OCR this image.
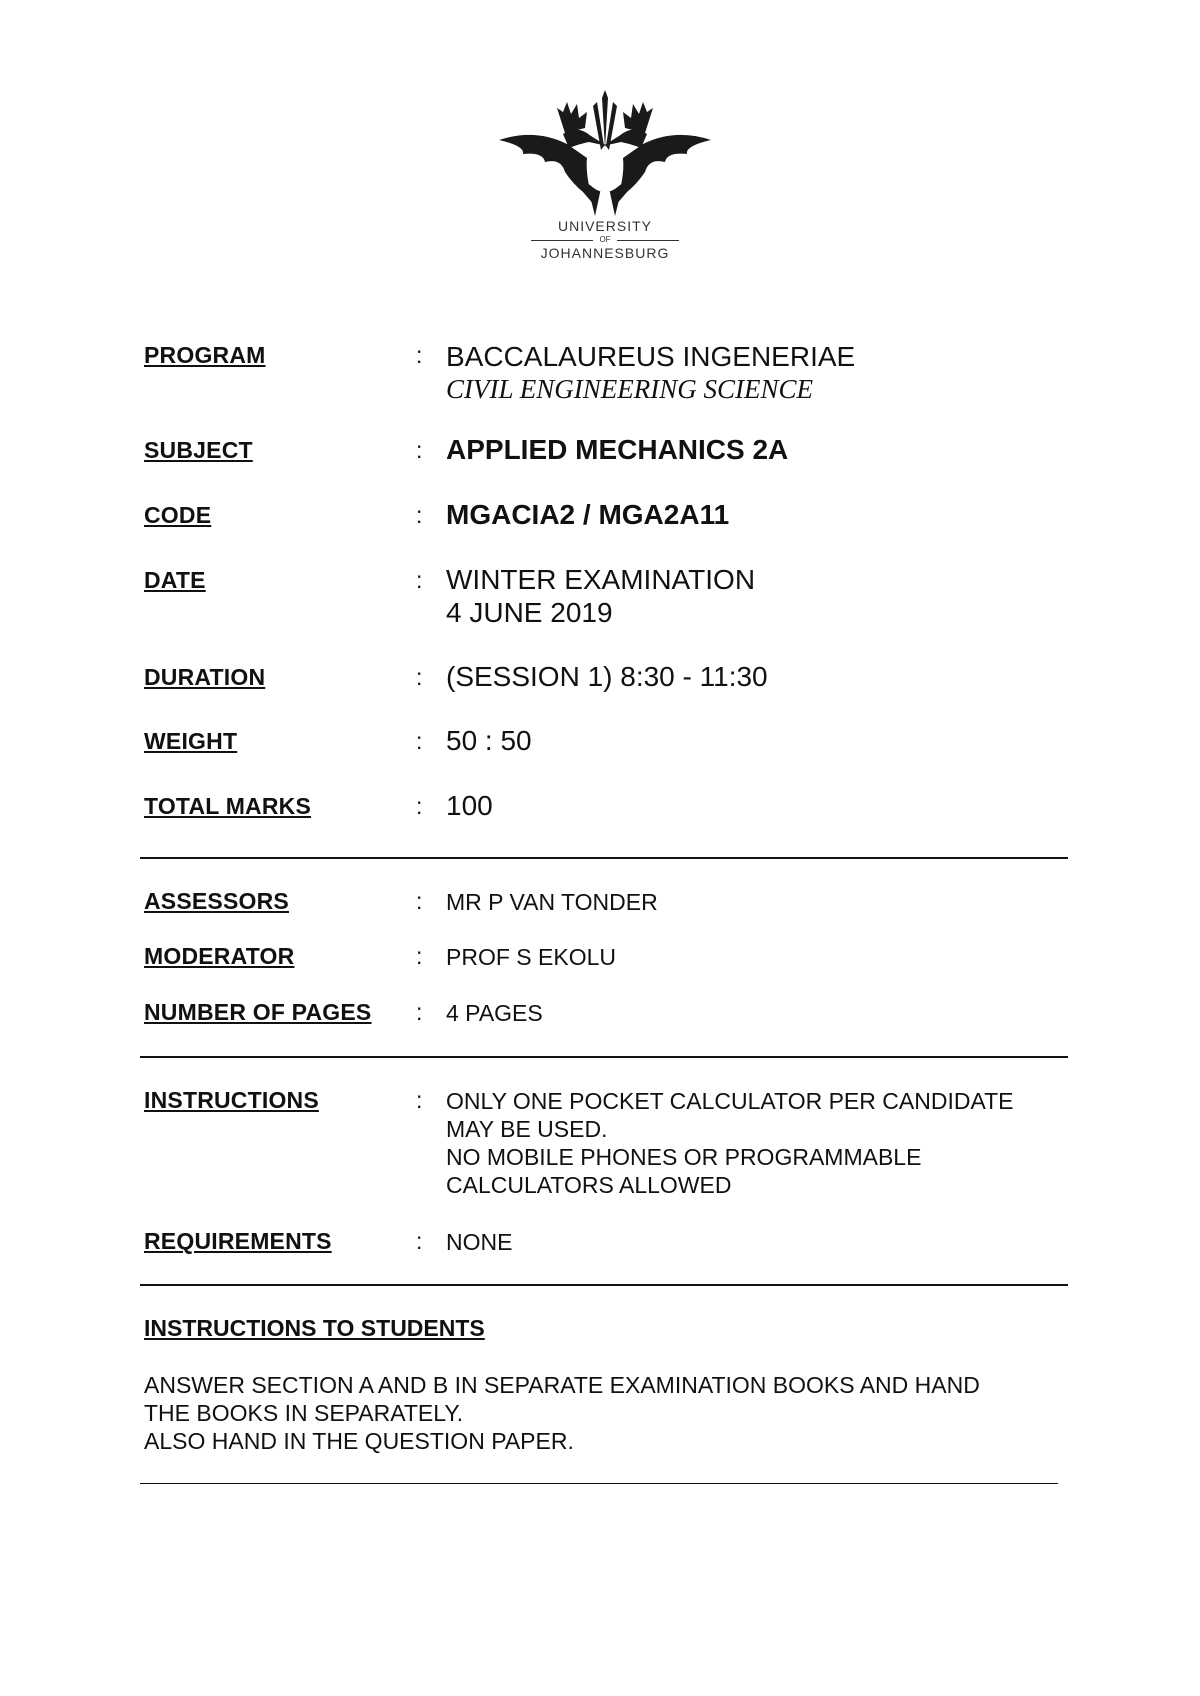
UNIVERSITY
OF
JOHANNESBURG
PROGRAM	: BACCALAUREUS INGENERIAE
CIVIL ENGINEERING SCIENCE
SUBJECT	: APPLIED MECHANICS 2A
CODE	: MGACIA2 / MGA2A11
DATE	: WINTER EXAMINATION
4 JUNE 2019
DURATION	: (SESSION 1) 8:30 - 11:30
WEIGHT	: 50 : 50
TOTAL MARKS	: 100
ASSESSORS	: MR P VAN TONDER
MODERATOR	: PROF S EKOLU
NUMBER OF PAGES : 4 PAGES
INSTRUCTIONS	: ONLY ONE POCKET CALCULATOR PER CANDIDATE
MAY BE USED.
NO MOBILE PHONES OR PROGRAMMABLE
CALCULATORS ALLOWED
REQUIREMENTS	: NONE
INSTRUCTIONS TO STUDENTS
ANSWER SECTION A AND B IN SEPARATE EXAMINATION BOOKS AND HAND
THE BOOKS IN SEPARATELY.
ALSO HAND IN THE QUESTION PAPER.
